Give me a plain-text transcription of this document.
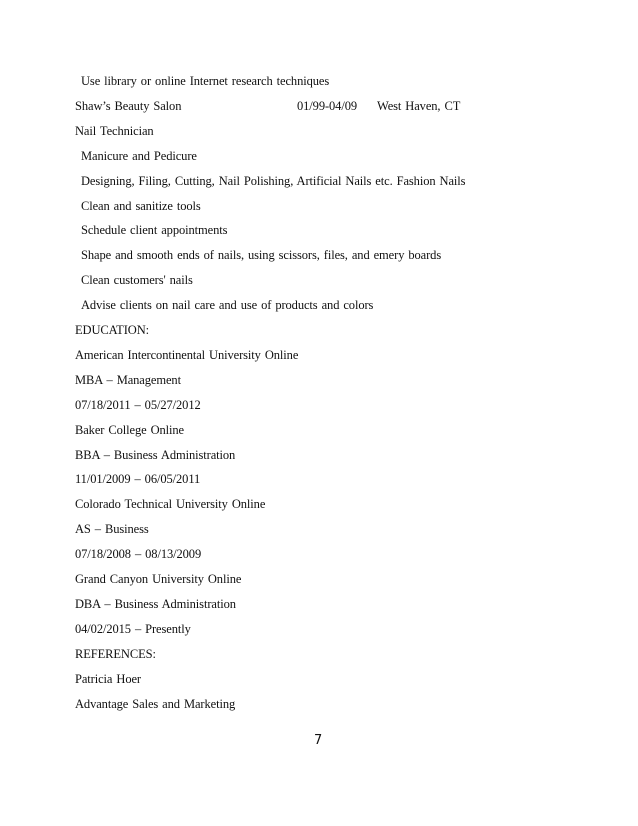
Use library or online Internet research techniques
Shaw’s Beauty Salon	01/99-04/09 West Haven, CT
Nail Technician
Manicure and Pedicure
Designing, Filing, Cutting, Nail Polishing, Artificial Nails etc. Fashion Nails
Clean and sanitize tools
Schedule client appointments
Shape and smooth ends of nails, using scissors, files, and emery boards
Clean customers' nails
Advise clients on nail care and use of products and colors
EDUCATION:
American Intercontinental University Online
MBA – Management
07/18/2011 – 05/27/2012
Baker College Online
BBA – Business Administration
11/01/2009 – 06/05/2011
Colorado Technical University Online
AS – Business
07/18/2008 – 08/13/2009
Grand Canyon University Online
DBA – Business Administration
04/02/2015 – Presently
REFERENCES:
Patricia Hoer
Advantage Sales and Marketing
7
